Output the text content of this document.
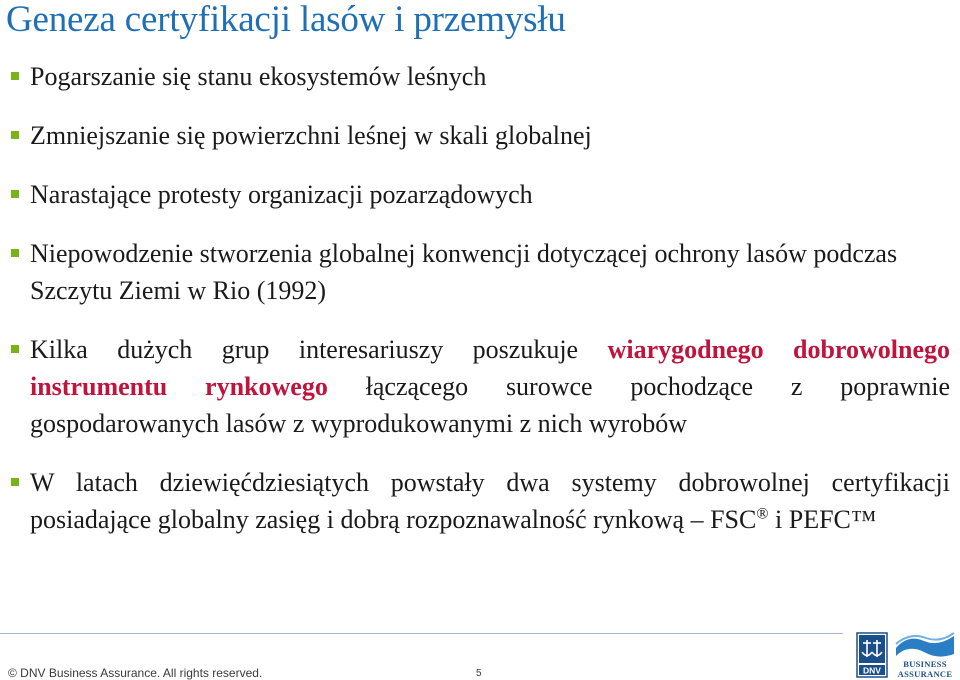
Geneza certyfikacji lasów i przemysłu
Pogarszanie się stanu ekosystemów leśnych
Zmniejszanie się powierzchni leśnej w skali globalnej
Narastające protesty organizacji pozarządowych
Niepowodzenie stworzenia globalnej konwencji dotyczącej ochrony lasów podczas Szczytu Ziemi w Rio (1992)
Kilka dużych grup interesariuszy poszukuje wiarygodnego dobrowolnego instrumentu rynkowego łączącego surowce pochodzące z poprawnie gospodarowanych lasów z wyprodukowanymi z nich wyrobów
W latach dziewięćdziesiątych powstały dwa systemy dobrowolnej certyfikacji posiadające globalny zasięg i dobrą rozpoznawalność rynkową – FSC® i PEFC™
© DNV Business Assurance. All rights reserved.	5	DNV
BUSINESS
ASSURANCE
